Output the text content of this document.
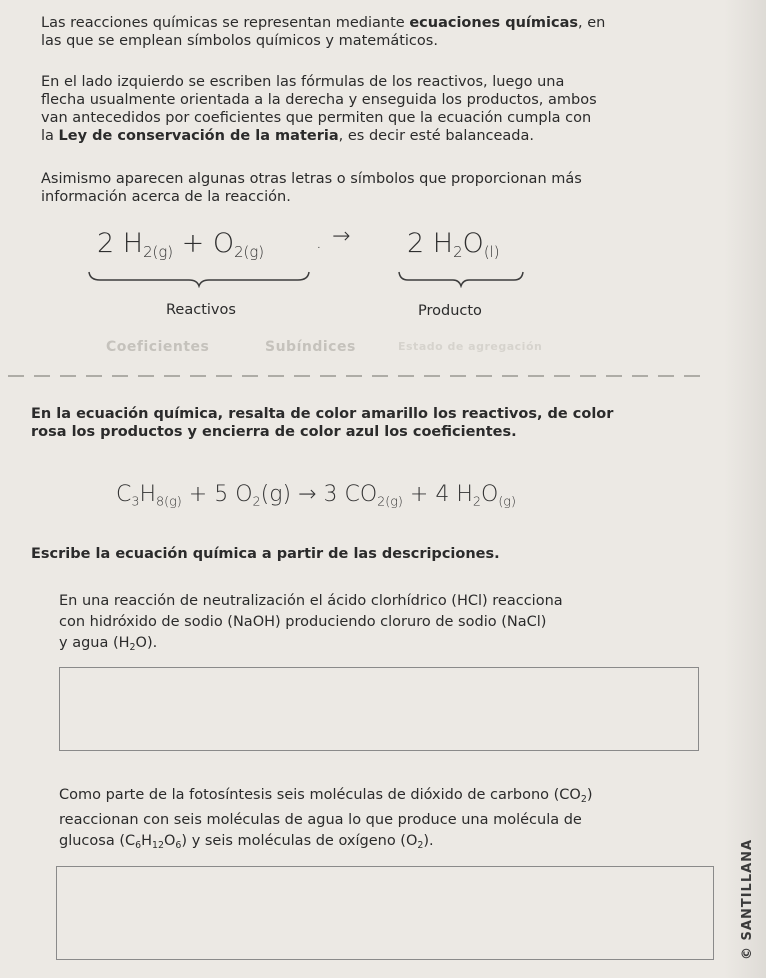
Las reacciones químicas se representan mediante ecuaciones químicas, en
las que se emplean símbolos químicos y matemáticos.
En el lado izquierdo se escriben las fórmulas de los reactivos, luego una
flecha usualmente orientada a la derecha y enseguida los productos, ambos
van antecedidos por coeficientes que permiten que la ecuación cumpla con
la Ley de conservación de la materia, es decir esté balanceada.
Asimismo aparecen algunas otras letras o símbolos que proporcionan más
información acerca de la reacción.
2 $H_{2(g)} + O_{2(g)}$	. → 2 $H_2O_{(l)}$
Reactivos	Producto
Coeficientes	Subíndices	Estado de agregación
En la ecuación química, resalta de color amarillo los reactivos, de color
rosa los productos y encierra de color azul los coeficientes.
$C_3H_{8(g)} + 5$ $O_2(g) \to 3$ $CO_{2(g)} + 4$ $H_2O_{(g)}$
Escribe la ecuación química a partir de las descripciones.
En una reacción de neutralización el ácido clorhídrico (HCl) reacciona
con hidróxido de sodio (NaOH) produciendo cloruro de sodio (NaCl)
y agua (H2O).
Como parte de la fotosíntesis seis moléculas de dióxido de carbono (CO2)
reaccionan con seis moléculas de agua lo que produce una molécula de
glucosa (C6H12O6) y seis moléculas de oxígeno (O2).	© SANTILLANA
